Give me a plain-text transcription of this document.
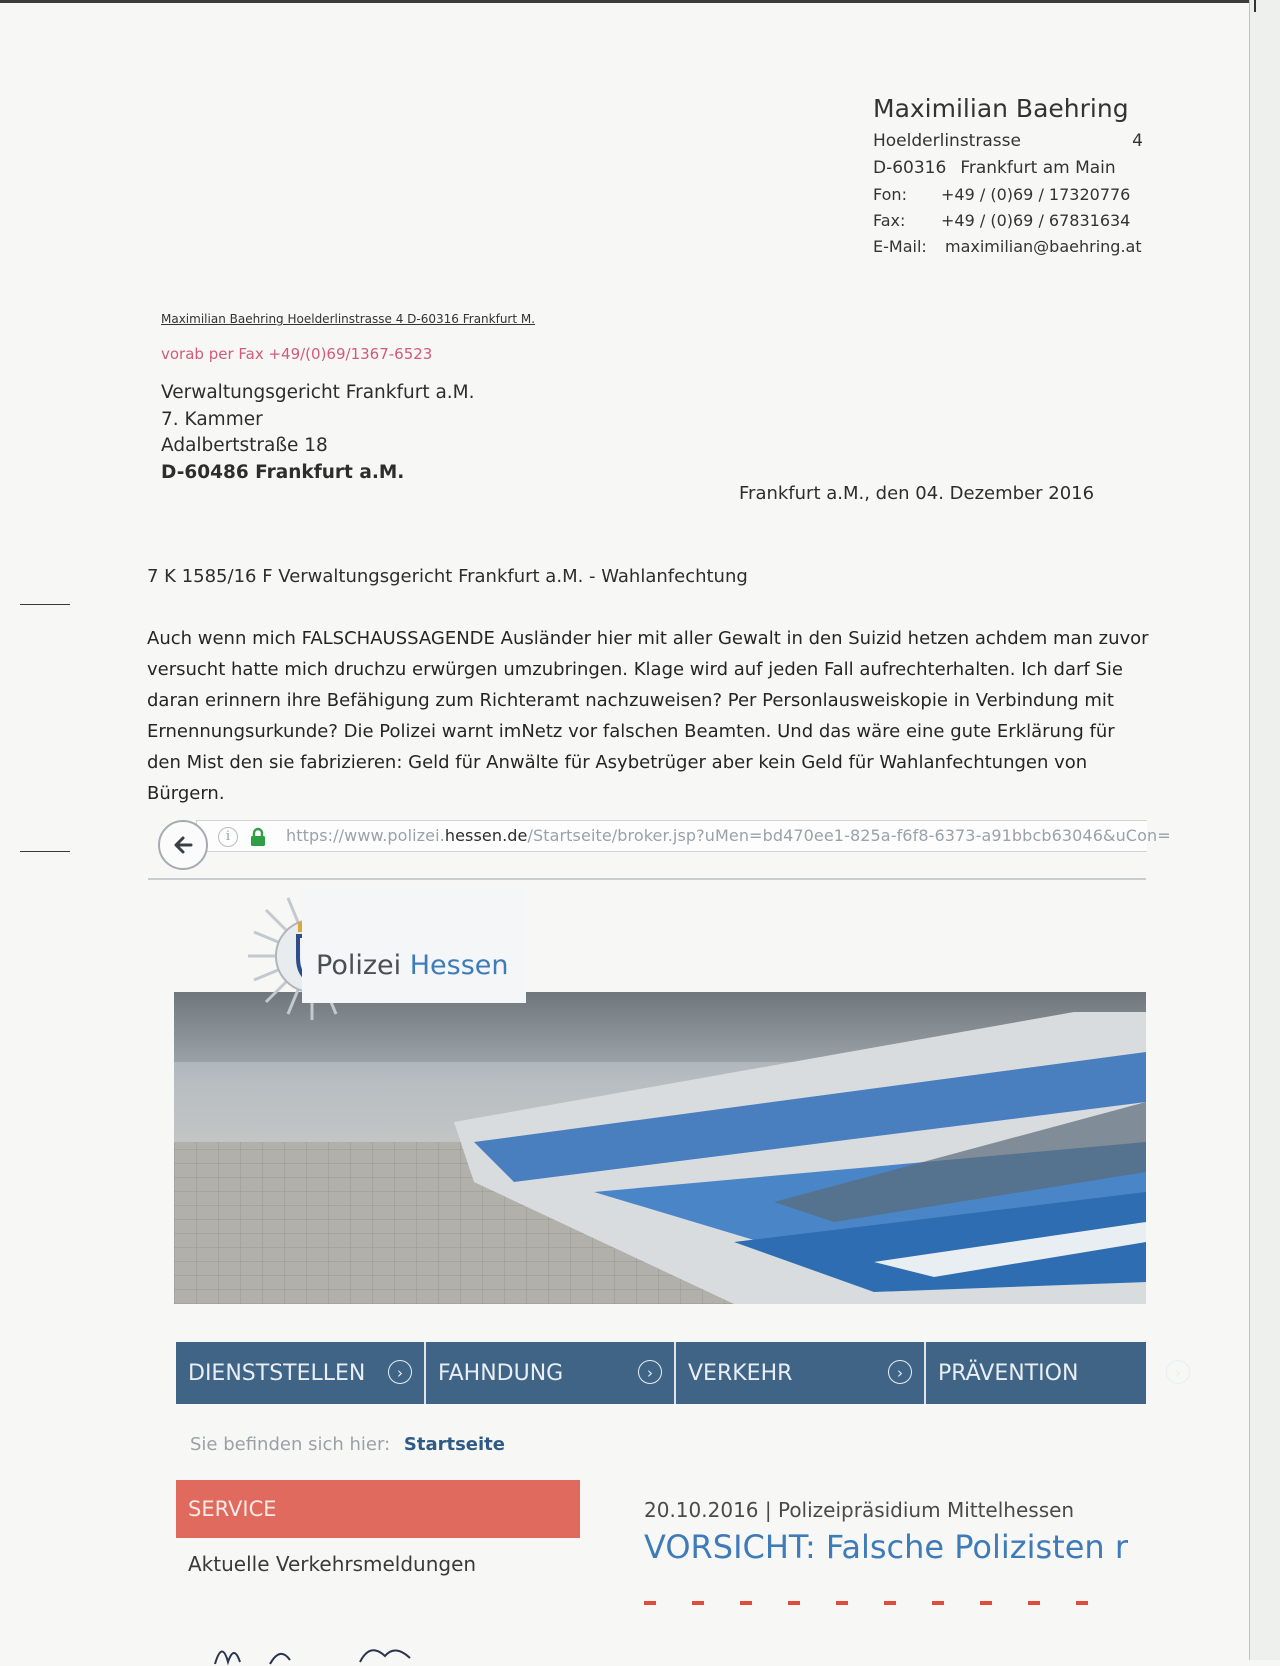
Maximilian Baehring
Hoelderlinstrasse	4
D-60316 Frankfurt am Main
Fon:	+49 / (0)69 / 17320776
Fax:	+49 / (0)69 / 67831634
E-Mail:	maximilian@baehring.at
Maximilian Baehring Hoelderlinstrasse 4 D-60316 Frankfurt M.
vorab per Fax +49/(0)69/1367-6523
Verwaltungsgericht Frankfurt a.M.
7. Kammer
Adalbertstraße 18
D-60486 Frankfurt a.M.
Frankfurt a.M., den 04. Dezember 2016
7 K 1585/16 F Verwaltungsgericht Frankfurt a.M. - Wahlanfechtung
Auch wenn mich FALSCHAUSSAGENDE Ausländer hier mit aller Gewalt in den Suizid hetzen achdem man zuvor versucht hatte mich druchzu erwürgen umzubringen. Klage wird auf jeden Fall aufrechterhalten. Ich darf Sie daran erinnern ihre Befähigung zum Richteramt nachzuweisen? Per Personlausweiskopie in Verbindung mit Ernennungsurkunde? Die Polizei warnt imNetz vor falschen Beamten. Und das wäre eine gute Erklärung für den Mist den sie fabrizieren: Geld für Anwälte für Asybetrüger aber kein Geld für Wahlanfechtungen von Bürgern.
i	https://www.polizei.hessen.de/Startseite/broker.jsp?uMen=bd470ee1-825a-f6f8-6373-a91bbcb63046&uCon=
Polizei Hessen
DIENSTSTELLEN	›	FAHNDUNG	›	VERKEHR	›	PRÄVENTION	›
Sie befinden sich hier: Startseite
SERVICE
Aktuelle Verkehrsmeldungen
20.10.2016 | Polizeipräsidium Mittelhessen
VORSICHT: Falsche Polizisten r
